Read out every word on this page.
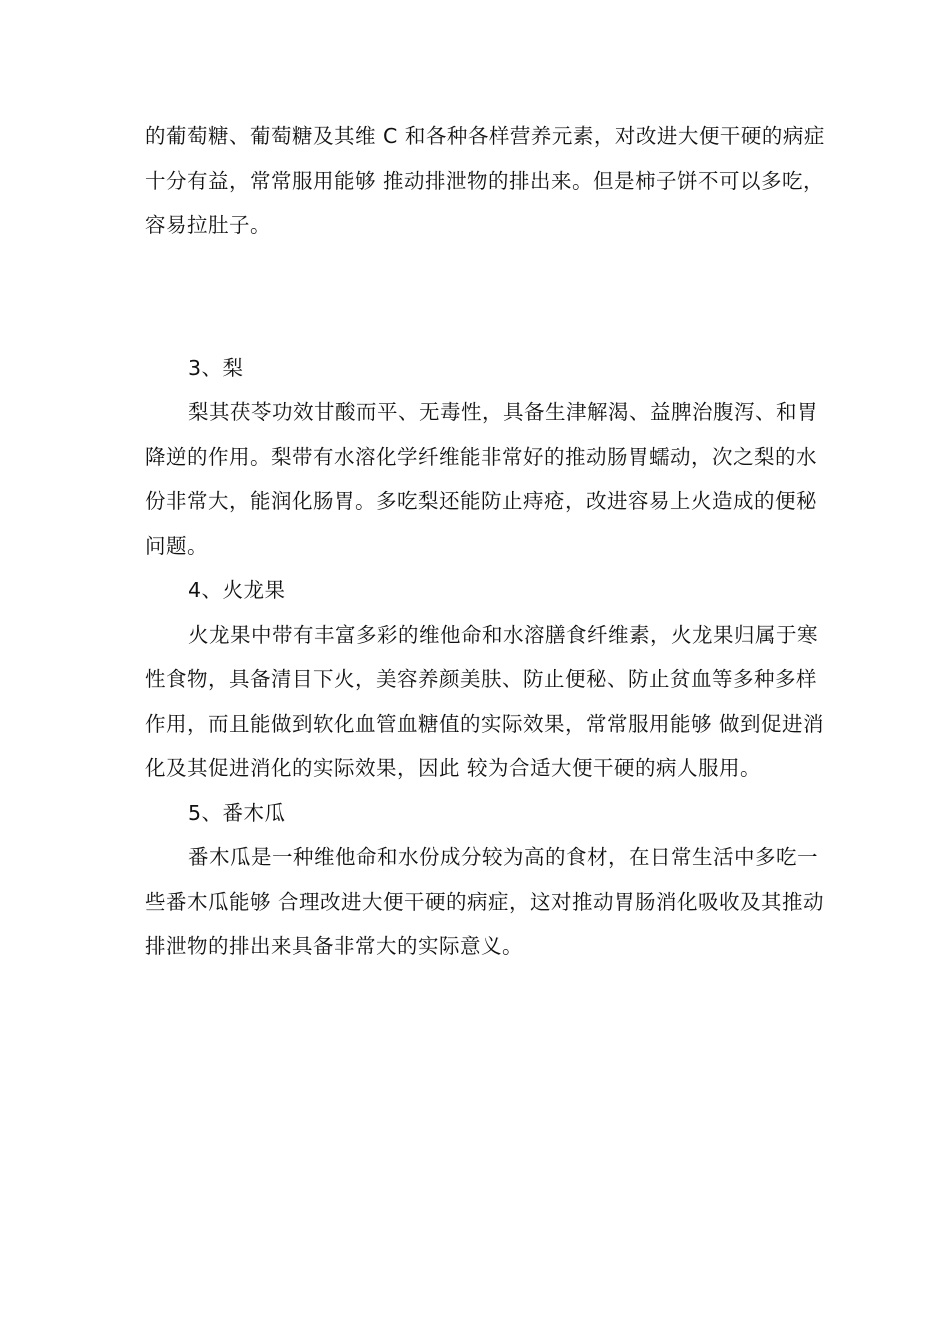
的葡萄糖、葡萄糖及其维 C 和各种各样营养元素，对改进大便干硬的病症十分有益，常常服用能够 推动排泄物的排出来。但是柿子饼不可以多吃，容易拉肚子。

3、梨

梨其茯苓功效甘酸而平、无毒性，具备生津解渴、益脾治腹泻、和胃降逆的作用。梨带有水溶化学纤维能非常好的推动肠胃蠕动，次之梨的水份非常大，能润化肠胃。多吃梨还能防止痔疮，改进容易上火造成的便秘问题。

4、火龙果

火龙果中带有丰富多彩的维他命和水溶膳食纤维素，火龙果归属于寒性食物，具备清目下火，美容养颜美肤、防止便秘、防止贫血等多种多样作用，而且能做到软化血管血糖值的实际效果，常常服用能够 做到促进消化及其促进消化的实际效果，因此 较为合适大便干硬的病人服用。

5、番木瓜

番木瓜是一种维他命和水份成分较为高的食材，在日常生活中多吃一些番木瓜能够 合理改进大便干硬的病症，这对推动胃肠消化吸收及其推动排泄物的排出来具备非常大的实际意义。
